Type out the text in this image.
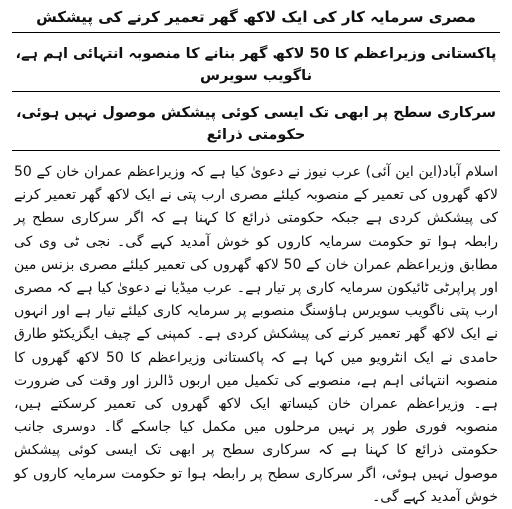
مصری سرمایہ کار کی ایک لاکھ گھر تعمیر کرنے کی پیشکش
پاکستانی وزیراعظم کا 50 لاکھ گھر بنانے کا منصوبہ انتہائی اہم ہے، ناگویب سویرس
سرکاری سطح پر ابھی تک ایسی کوئی پیشکش موصول نہیں ہوئی، حکومتی ذرائع
اسلام آباد(این این آئی) عرب نیوز نے دعویٰ کیا ہے کہ وزیراعظم عمران خان کے 50 لاکھ گھروں کی تعمیر کے منصوبہ کیلئے مصری ارب پتی نے ایک لاکھ گھر تعمیر کرنے کی پیشکش کردی ہے جبکہ حکومتی ذرائع کا کہنا ہے کہ اگر سرکاری سطح پر رابطہ ہوا تو حکومت سرمایہ کاروں کو خوش آمدید کہے گی۔ نجی ٹی وی کی مطابق وزیراعظم عمران خان کے 50 لاکھ گھروں کی تعمیر کیلئے مصری بزنس مین اور پراپرٹی ٹائیکون سرمایہ کاری پر تیار ہے۔ عرب میڈیا نے دعویٰ کیا ہے کہ مصری ارب پتی ناگویب سویرس ہاؤسنگ منصوبے پر سرمایہ کاری کیلئے تیار ہے اور انہوں نے ایک لاکھ گھر تعمیر کرنے کی پیشکش کردی ہے۔ کمپنی کے چیف ایگزیکٹو طارق حامدی نے ایک انٹرویو میں کہا ہے کہ پاکستانی وزیراعظم کا 50 لاکھ گھروں کا منصوبہ انتہائی اہم ہے، منصوبے کی تکمیل میں اربوں ڈالرز اور وقت کی ضرورت ہے۔ وزیراعظم عمران خان کیساتھ ایک لاکھ گھروں کی تعمیر کرسکتے ہیں، منصوبہ فوری طور پر نہیں مرحلوں میں مکمل کیا جاسکے گا۔ دوسری جانب حکومتی ذرائع کا کہنا ہے کہ سرکاری سطح پر ابھی تک ایسی کوئی پیشکش موصول نہیں ہوئی، اگر سرکاری سطح پر رابطہ ہوا تو حکومت سرمایہ کاروں کو خوش آمدید کہے گی۔
